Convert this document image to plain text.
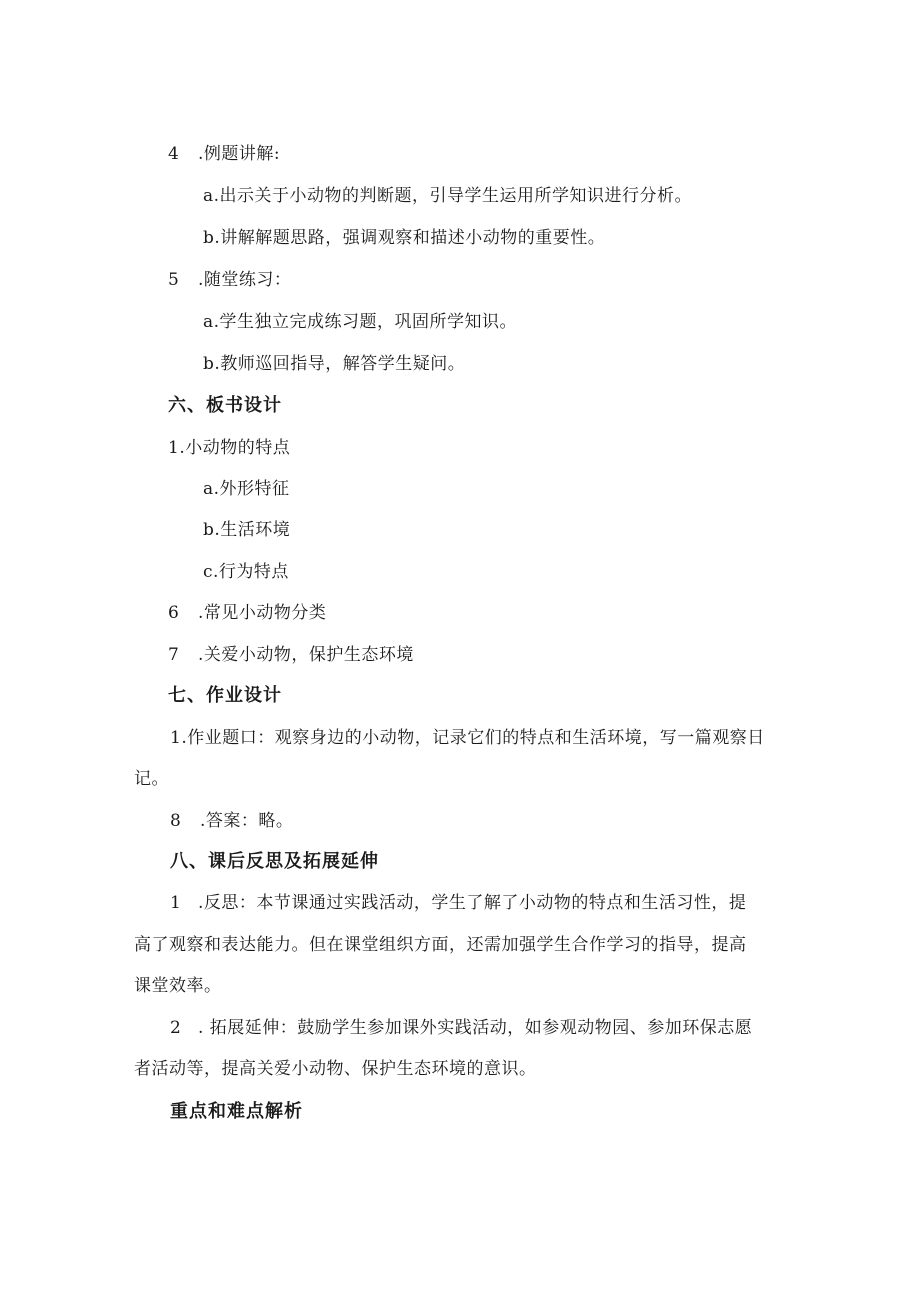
4 .例题讲解:
a.出示关于小动物的判断题，引导学生运用所学知识进行分析。
b.讲解解题思路，强调观察和描述小动物的重要性。
5 .随堂练习：
a.学生独立完成练习题，巩固所学知识。
b.教师巡回指导，解答学生疑问。
六、板书设计
1.小动物的特点
a.外形特征
b.生活环境
c.行为特点
6 .常见小动物分类
7 .关爱小动物，保护生态环境
七、作业设计
1.作业题口：观察身边的小动物，记录它们的特点和生活环境，写一篇观察日
记。
8 .答案：略。
八、课后反思及拓展延伸
1 .反思：本节课通过实践活动，学生了解了小动物的特点和生活习性，提
高了观察和表达能力。但在课堂组织方面，还需加强学生合作学习的指导，提高
课堂效率。
2 . 拓展延伸：鼓励学生参加课外实践活动，如参观动物园、参加环保志愿
者活动等，提高关爱小动物、保护生态环境的意识。
重点和难点解析
